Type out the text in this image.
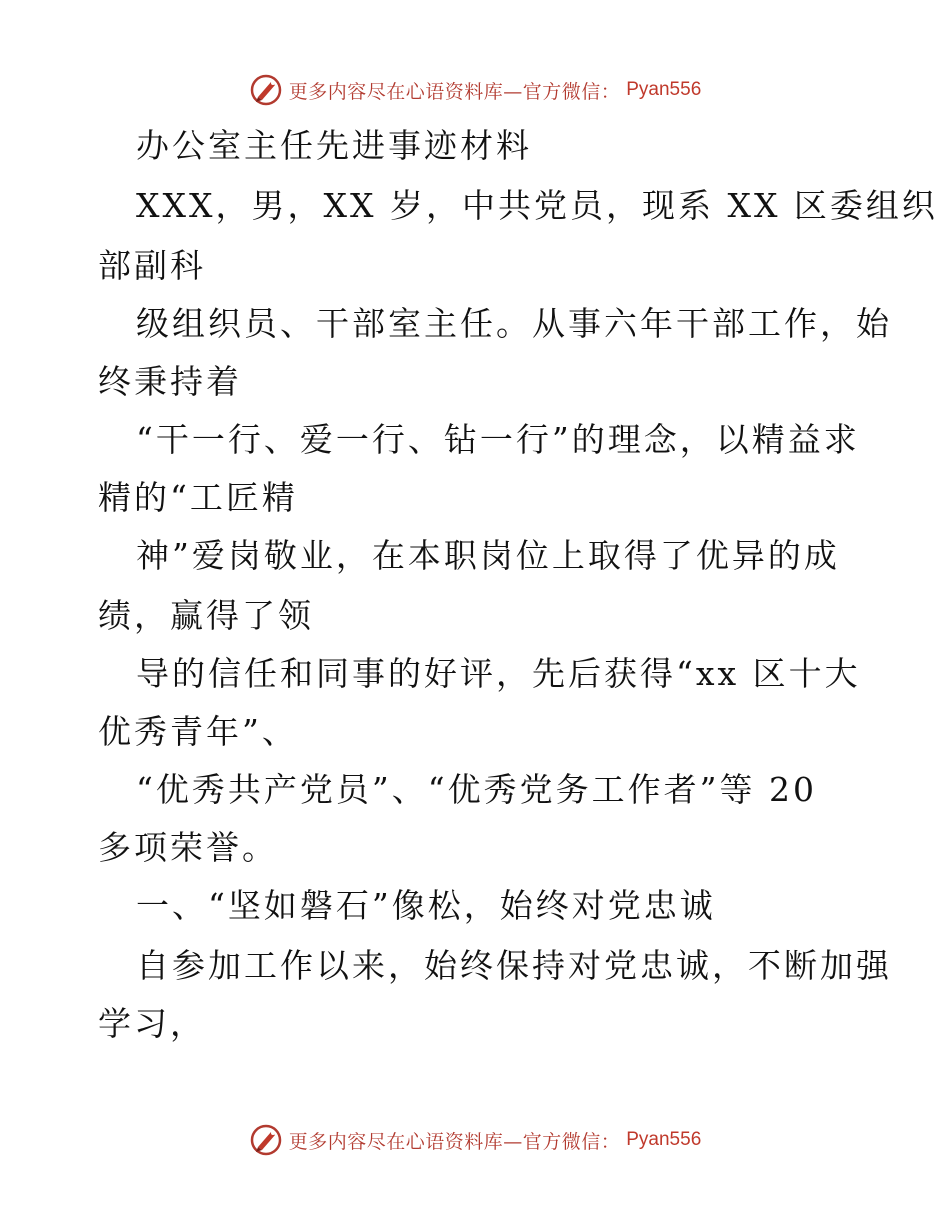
更多内容尽在心语资料库—官方微信： Pyan556
办公室主任先进事迹材料
XXX，男，XX 岁，中共党员，现系 XX 区委组织
部副科
级组织员、干部室主任。从事六年干部工作，始
终秉持着
“干一行、爱一行、钻一行”的理念，以精益求
精的“工匠精
神”爱岗敬业，在本职岗位上取得了优异的成
绩，赢得了领
导的信任和同事的好评，先后获得“xx 区十大
优秀青年”、
“优秀共产党员”、“优秀党务工作者”等 20
多项荣誉。
一、“坚如磐石”像松，始终对党忠诚
自参加工作以来，始终保持对党忠诚，不断加强
学习，
更多内容尽在心语资料库—官方微信： Pyan556
